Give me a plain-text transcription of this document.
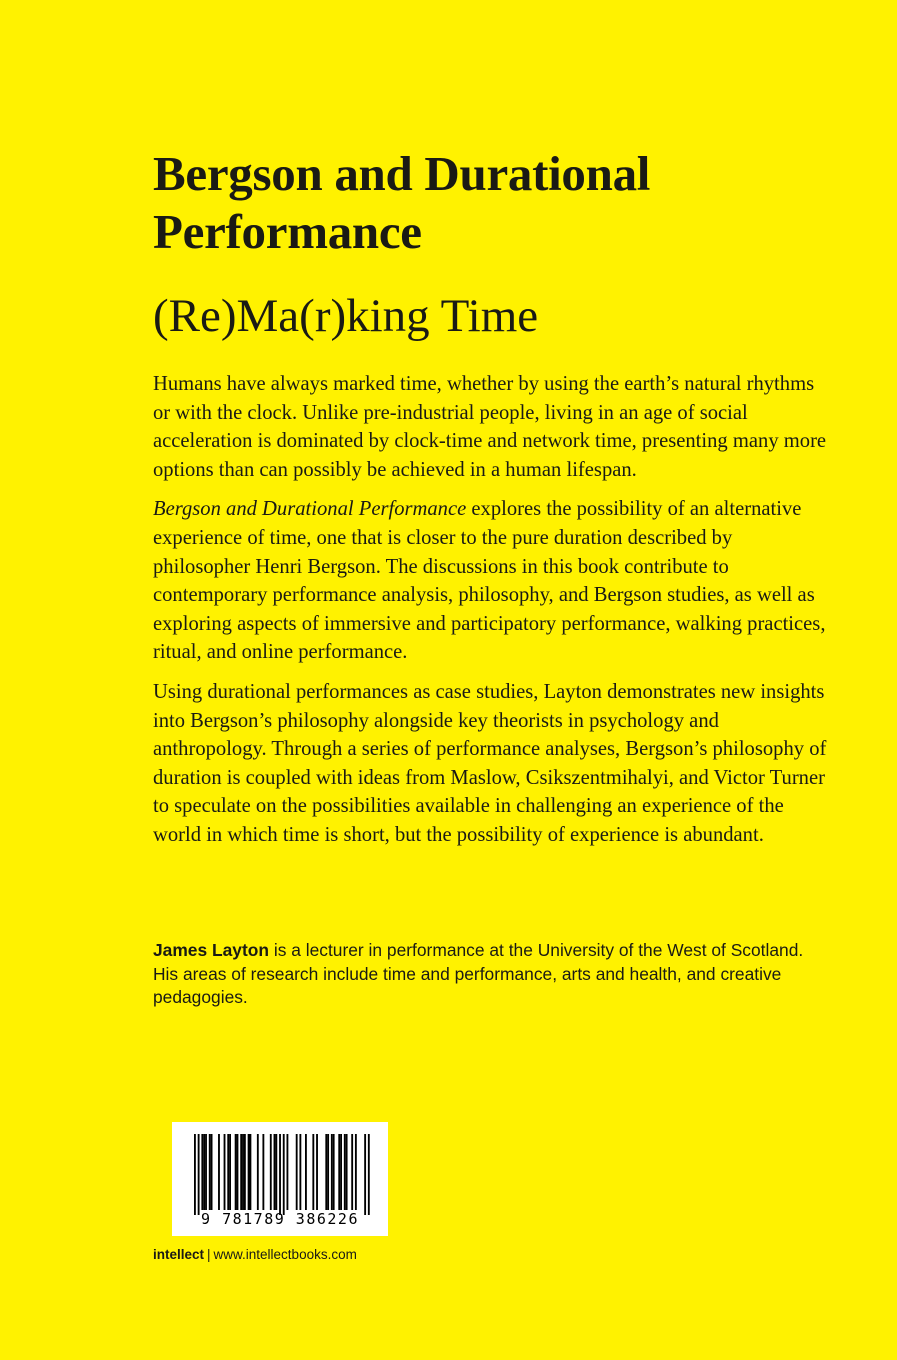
Bergson and Durational Performance
(Re)Ma(r)king Time

Humans have always marked time, whether by using the earth’s natural rhythms or with the clock. Unlike pre-industrial people, living in an age of social acceleration is dominated by clock-time and network time, presenting many more options than can possibly be achieved in a human lifespan.

Bergson and Durational Performance explores the possibility of an alternative experience of time, one that is closer to the pure duration described by philosopher Henri Bergson. The discussions in this book contribute to contemporary performance analysis, philosophy, and Bergson studies, as well as exploring aspects of immersive and participatory performance, walking practices, ritual, and online performance.

Using durational performances as case studies, Layton demonstrates new insights into Bergson’s philosophy alongside key theorists in psychology and anthropology. Through a series of performance analyses, Bergson’s philosophy of duration is coupled with ideas from Maslow, Csikszentmihalyi, and Victor Turner to speculate on the possibilities available in challenging an experience of the world in which time is short, but the possibility of experience is abundant.

James Layton is a lecturer in performance at the University of the West of Scotland. His areas of research include time and performance, arts and health, and creative pedagogies.

9 781789 386226
intellect | www.intellectbooks.com
